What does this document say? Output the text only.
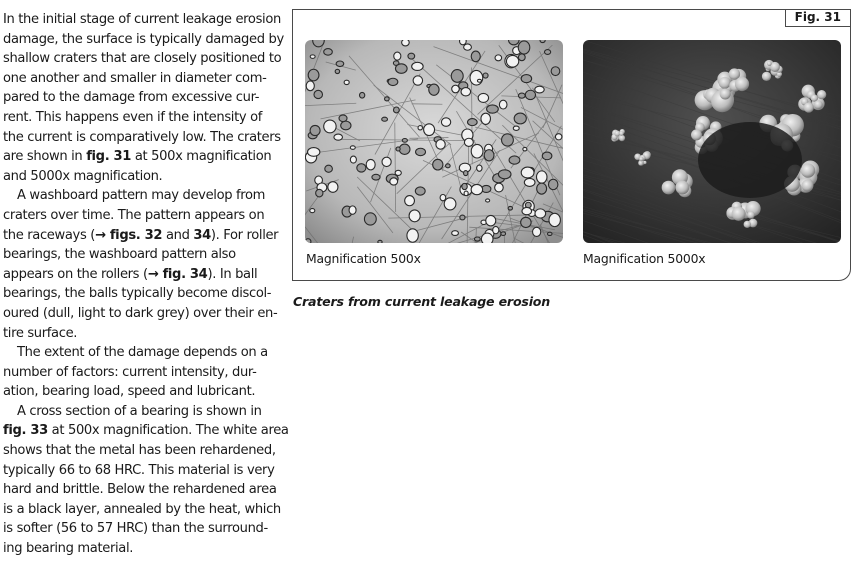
In the initial stage of current leakage erosion
damage, the surface is typically damaged by
shallow craters that are closely positioned to
one another and smaller in diameter com-
pared to the damage from excessive cur-
rent. This happens even if the intensity of
the current is comparatively low. The craters
are shown in fig. 31 at 500x magnification
and 5000x magnification.
A washboard pattern may develop from
craters over time. The pattern appears on
the raceways (→ figs. 32 and 34). For roller
bearings, the washboard pattern also
appears on the rollers (→ fig. 34). In ball
bearings, the balls typically become discol-
oured (dull, light to dark grey) over their en-
tire surface.
The extent of the damage depends on a
number of factors: current intensity, dur-
ation, bearing load, speed and lubricant.
A cross section of a bearing is shown in
fig. 33 at 500x magnification. The white area
shows that the metal has been rehardened,
typically 66 to 68 HRC. This material is very
hard and brittle. Below the rehardened area
is a black layer, annealed by the heat, which
is softer (56 to 57 HRC) than the surround-
ing bearing material.
Fig. 31
Magnification 500x	Magnification 5000x
Craters from current leakage erosion
